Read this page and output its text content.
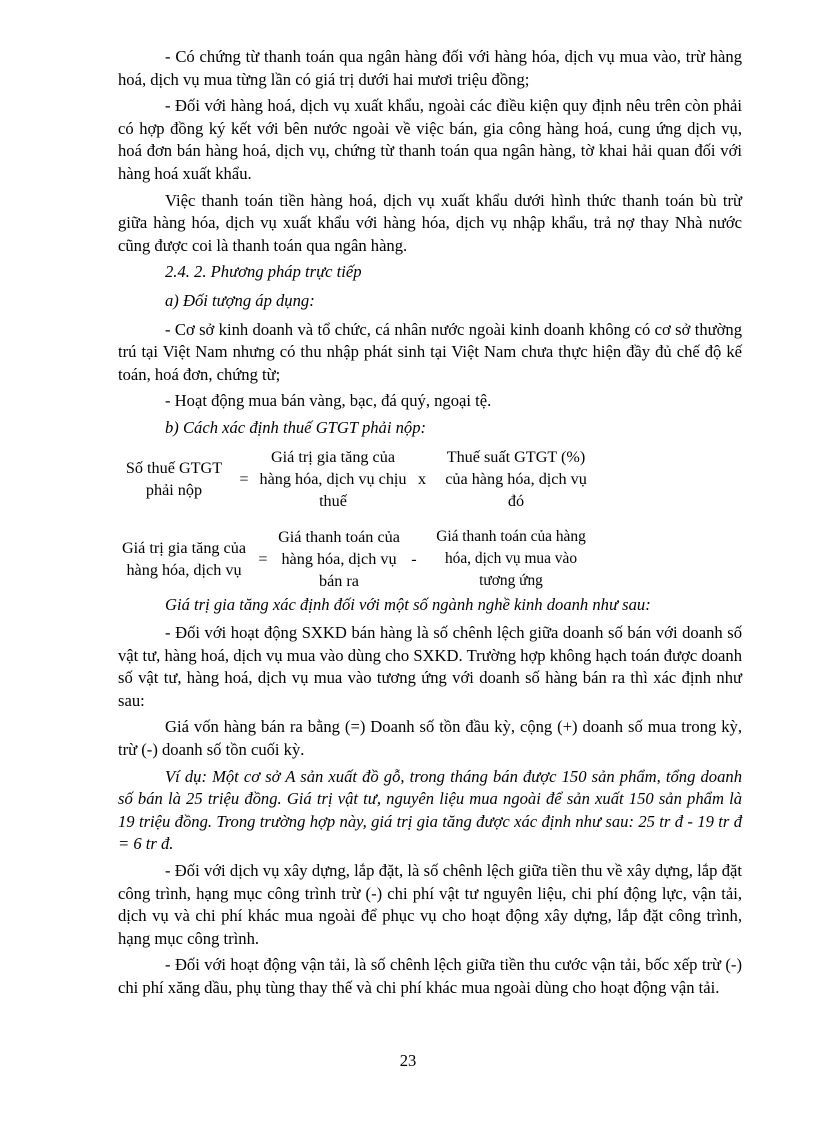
- Có chứng từ thanh toán qua ngân hàng đối với hàng hóa, dịch vụ mua vào, trừ hàng hoá, dịch vụ mua từng lần có giá trị dưới hai mươi triệu đồng;

- Đối với hàng hoá, dịch vụ xuất khẩu, ngoài các điều kiện quy định nêu trên còn phải có hợp đồng ký kết với bên nước ngoài về việc bán, gia công hàng hoá, cung ứng dịch vụ, hoá đơn bán hàng hoá, dịch vụ, chứng từ thanh toán qua ngân hàng, tờ khai hải quan đối với hàng hoá xuất khẩu.

Việc thanh toán tiền hàng hoá, dịch vụ xuất khẩu dưới hình thức thanh toán bù trừ giữa hàng hóa, dịch vụ xuất khẩu với hàng hóa, dịch vụ nhập khẩu, trả nợ thay Nhà nước cũng được coi là thanh toán qua ngân hàng.

2.4. 2. Phương pháp trực tiếp

a) Đối tượng áp dụng:

- Cơ sở kinh doanh và tổ chức, cá nhân nước ngoài kinh doanh không có cơ sở thường trú tại Việt Nam nhưng có thu nhập phát sinh tại Việt Nam chưa thực hiện đầy đủ chế độ kế toán, hoá đơn, chứng từ;

- Hoạt động mua bán vàng, bạc, đá quý, ngoại tệ.

b) Cách xác định thuế GTGT phải nộp:

Số thuế GTGT phải nộp
=
Giá trị gia tăng của hàng hóa, dịch vụ chịu thuế
x
Thuế suất GTGT (%) của hàng hóa, dịch vụ đó
Giá trị gia tăng của hàng hóa, dịch vụ
=
Giá thanh toán của hàng hóa, dịch vụ bán ra
-
Giá thanh toán của hàng hóa, dịch vụ mua vào tương ứng

Giá trị gia tăng xác định đối với một số ngành nghề kinh doanh như sau:

- Đối với hoạt động SXKD bán hàng là số chênh lệch giữa doanh số bán với doanh số vật tư, hàng hoá, dịch vụ mua vào dùng cho SXKD. Trường hợp không hạch toán được doanh số vật tư, hàng hoá, dịch vụ mua vào tương ứng với doanh số hàng bán ra thì xác định như sau:

Giá vốn hàng bán ra bằng (=) Doanh số tồn đầu kỳ, cộng (+) doanh số mua trong kỳ, trừ (-) doanh số tồn cuối kỳ.

Ví dụ: Một cơ sở A sản xuất đồ gỗ, trong tháng bán được 150 sản phẩm, tổng doanh số bán là 25 triệu đồng. Giá trị vật tư, nguyên liệu mua ngoài để sản xuất 150 sản phẩm là 19 triệu đồng. Trong trường hợp này, giá trị gia tăng được xác định như sau: 25 tr đ - 19 tr đ = 6 tr đ.

- Đối với dịch vụ xây dựng, lắp đặt, là số chênh lệch giữa tiền thu về xây dựng, lắp đặt công trình, hạng mục công trình trừ (-) chi phí vật tư nguyên liệu, chi phí động lực, vận tải, dịch vụ và chi phí khác mua ngoài để phục vụ cho hoạt động xây dựng, lắp đặt công trình, hạng mục công trình.

- Đối với hoạt động vận tải, là số chênh lệch giữa tiền thu cước vận tải, bốc xếp trừ (-) chi phí xăng dầu, phụ tùng thay thế và chi phí khác mua ngoài dùng cho hoạt động vận tải.

23
